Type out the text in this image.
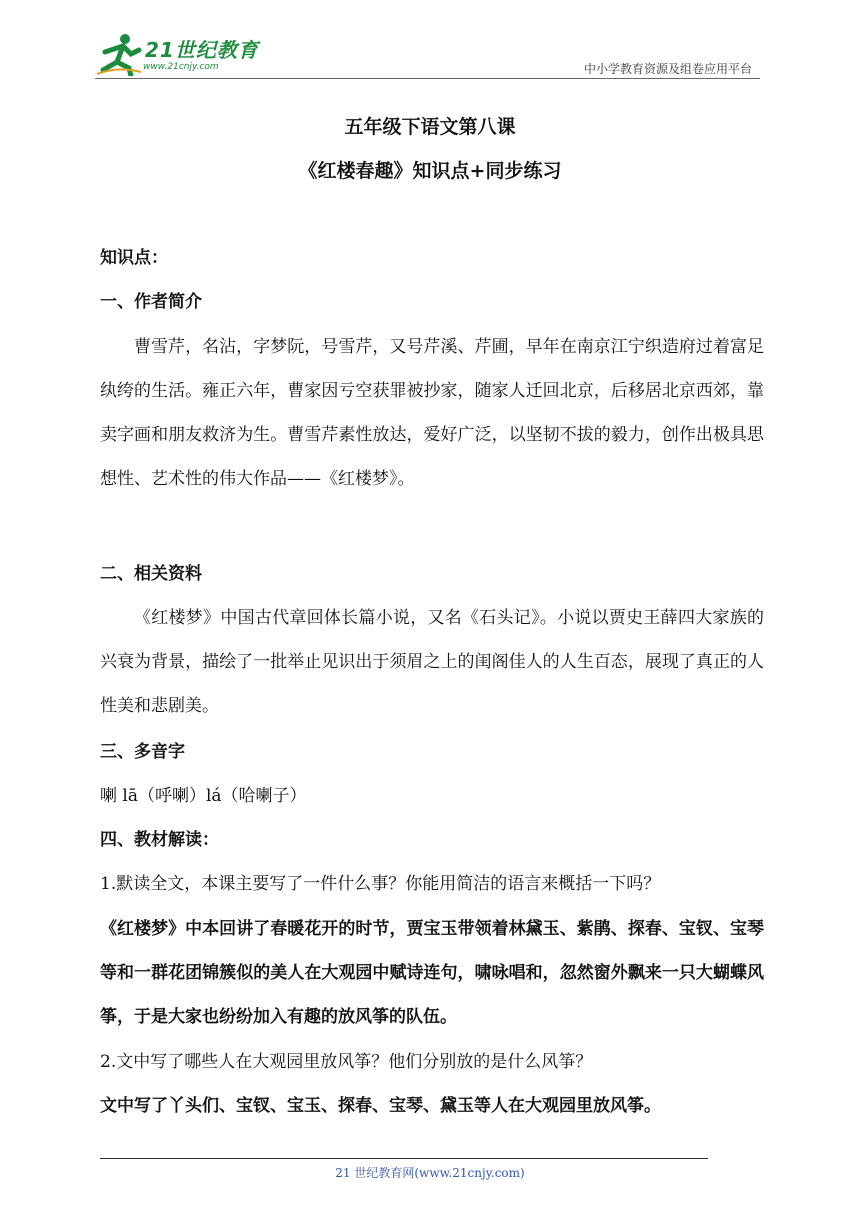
21世纪教育
www.21cnjy.com	中小学教育资源及组卷应用平台
五年级下语文第八课
《红楼春趣》知识点+同步练习
知识点：
一、作者简介
曹雪芹，名沾，字梦阮，号雪芹，又号芹溪、芹圃，早年在南京江宁织造府过着富足纨绔的生活。雍正六年，曹家因亏空获罪被抄家，随家人迁回北京，后移居北京西郊，靠卖字画和朋友救济为生。曹雪芹素性放达，爱好广泛，以坚韧不拔的毅力，创作出极具思想性、艺术性的伟大作品——《红楼梦》。
二、相关资料
《红楼梦》中国古代章回体长篇小说，又名《石头记》。小说以贾史王薛四大家族的兴衰为背景，描绘了一批举止见识出于须眉之上的闺阁佳人的人生百态，展现了真正的人性美和悲剧美。
三、多音字
喇 lā（呼喇）lá（哈喇子）
四、教材解读：
1.默读全文，本课主要写了一件什么事？你能用简洁的语言来概括一下吗？
《红楼梦》中本回讲了春暖花开的时节，贾宝玉带领着林黛玉、紫鹃、探春、宝钗、宝琴等和一群花团锦簇似的美人在大观园中赋诗连句，啸咏唱和，忽然窗外飘来一只大蝴蝶风筝，于是大家也纷纷加入有趣的放风筝的队伍。
2.文中写了哪些人在大观园里放风筝？他们分别放的是什么风筝？
文中写了丫头们、宝钗、宝玉、探春、宝琴、黛玉等人在大观园里放风筝。
21 世纪教育网(www.21cnjy.com)
